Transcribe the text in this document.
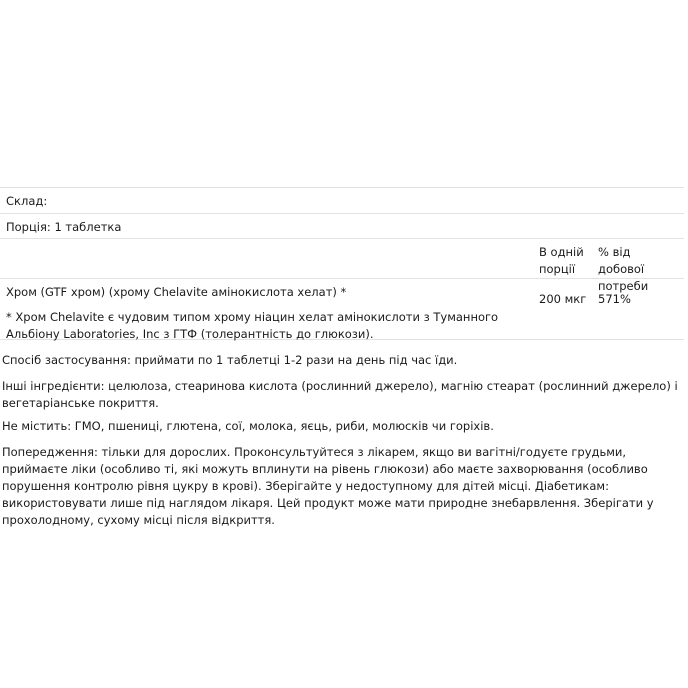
Склад:
Порція: 1 таблетка
В одній порції
% від добової потреби
Хром (GTF хром) (хрому Chelavite амінокислота хелат) *	200 мкг 571%
* Хром Chelavite є чудовим типом хрому ніацин хелат амінокислоти з Туманного Альбіону Laboratories, Inc з ГТФ (толерантність до глюкози).
Спосіб застосування: приймати по 1 таблетці 1-2 рази на день під час їди.
Інші інгредієнти: целюлоза, стеаринова кислота (рослинний джерело), магнію стеарат (рослинний джерело) і вегетаріанське покриття.
Не містить: ГМО, пшениці, глютена, сої, молока, яєць, риби, молюсків чи горіхів.
Попередження: тільки для дорослих. Проконсультуйтеся з лікарем, якщо ви вагітні/годуєте грудьми, приймаєте ліки (особливо ті, які можуть вплинути на рівень глюкози) або маєте захворювання (особливо порушення контролю рівня цукру в крові). Зберігайте у недоступному для дітей місці. Діабетикам: використовувати лише під наглядом лікаря. Цей продукт може мати природне знебарвлення. Зберігати у прохолодному, сухому місці після відкриття.
